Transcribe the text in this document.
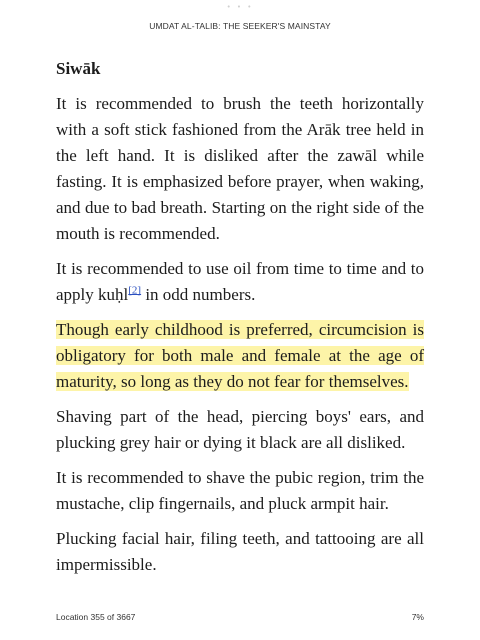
• • •
UMDAT AL-TALIB: THE SEEKER'S MAINSTAY
Siwāk

It is recommended to brush the teeth horizontally with a soft stick fashioned from the Arāk tree held in the left hand. It is disliked after the zawāl while fasting. It is emphasized before prayer, when waking, and due to bad breath. Starting on the right side of the mouth is recommended.

It is recommended to use oil from time to time and to apply kuḥl[2] in odd numbers.

Though early childhood is preferred, circumcision is obligatory for both male and female at the age of maturity, so long as they do not fear for themselves.

Shaving part of the head, piercing boys' ears, and plucking grey hair or dying it black are all disliked.

It is recommended to shave the pubic region, trim the mustache, clip fingernails, and pluck armpit hair.

Plucking facial hair, filing teeth, and tattooing are all impermissible.

Location 355 of 3667	7%
